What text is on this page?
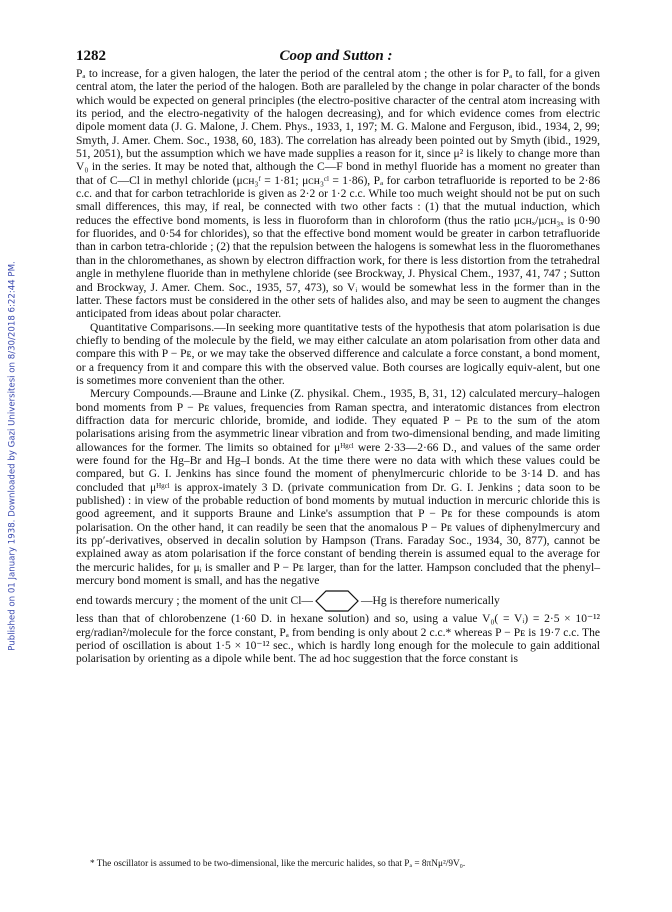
Published on 01 January 1938. Downloaded by Gazi Universitesi on 8/30/2018 6:22:44 PM.
1282	Coop and Sutton :

Pₐ to increase, for a given halogen, the later the period of the central atom ; the other is for Pₐ to fall, for a given central atom, the later the period of the halogen. Both are paralleled by the change in polar character of the bonds which would be expected on general principles (the electro-positive character of the central atom increasing with its period, and the electro-negativity of the halogen decreasing), and for which evidence comes from electric dipole moment data (J. G. Malone, J. Chem. Phys., 1933, 1, 197; M. G. Malone and Ferguson, ibid., 1934, 2, 99; Smyth, J. Amer. Chem. Soc., 1938, 60, 183). The correlation has already been pointed out by Smyth (ibid., 1929, 51, 2051), but the assumption which we have made supplies a reason for it, since μ² is likely to change more than V₀ in the series. It may be noted that, although the C—F bond in methyl fluoride has a moment no greater than that of C—Cl in methyl chloride (μᴄʜ₃ᶠ = 1·81; μᴄʜ₃ᶜˡ = 1·86), Pₐ for carbon tetrafluoride is reported to be 2·86 c.c. and that for carbon tetrachloride is given as 2·2 or 1·2 c.c. While too much weight should not be put on such small differences, this may, if real, be connected with two other facts : (1) that the mutual induction, which reduces the effective bond moments, is less in fluoroform than in chloroform (thus the ratio μᴄʜₓ/μᴄʜ₃ₓ is 0·90 for fluorides, and 0·54 for chlorides), so that the effective bond moment would be greater in carbon tetrafluoride than in carbon tetra-chloride ; (2) that the repulsion between the halogens is somewhat less in the fluoromethanes than in the chloromethanes, as shown by electron diffraction work, for there is less distortion from the tetrahedral angle in methylene fluoride than in methylene chloride (see Brockway, J. Physical Chem., 1937, 41, 747 ; Sutton and Brockway, J. Amer. Chem. Soc., 1935, 57, 473), so Vᵢ would be somewhat less in the former than in the latter. These factors must be considered in the other sets of halides also, and may be seen to augment the changes anticipated from ideas about polar character.

Quantitative Comparisons.—In seeking more quantitative tests of the hypothesis that atom polarisation is due chiefly to bending of the molecule by the field, we may either calculate an atom polarisation from other data and compare this with P − Pᴇ, or we may take the observed difference and calculate a force constant, a bond moment, or a frequency from it and compare this with the observed value. Both courses are logically equiv-alent, but one is sometimes more convenient than the other.

Mercury Compounds.—Braune and Linke (Z. physikal. Chem., 1935, B, 31, 12) calculated mercury–halogen bond moments from P − Pᴇ values, frequencies from Raman spectra, and interatomic distances from electron diffraction data for mercuric chloride, bromide, and iodide. They equated P − Pᴇ to the sum of the atom polarisations arising from the asymmetric linear vibration and from two-dimensional bending, and made limiting allowances for the former. The limits so obtained for μᴴᵍᶜˡ were 2·33—2·66 D., and values of the same order were found for the Hg–Br and Hg–I bonds. At the time there were no data with which these values could be compared, but G. I. Jenkins has since found the moment of phenylmercuric chloride to be 3·14 D. and has concluded that μᴴᵍᶜˡ is approx-imately 3 D. (private communication from Dr. G. I. Jenkins ; data soon to be published) : in view of the probable reduction of bond moments by mutual induction in mercuric chloride this is good agreement, and it supports Braune and Linke's assumption that P − Pᴇ for these compounds is atom polarisation. On the other hand, it can readily be seen that the anomalous P − Pᴇ values of diphenylmercury and its pp′-derivatives, observed in decalin solution by Hampson (Trans. Faraday Soc., 1934, 30, 877), cannot be explained away as atom polarisation if the force constant of bending therein is assumed equal to the average for the mercuric halides, for μᵢ is smaller and P − Pᴇ larger, than for the latter. Hampson concluded that the phenyl–mercury bond moment is small, and has the negative

end towards mercury ; the moment of the unit Cl—	—Hg is therefore numerically

less than that of chlorobenzene (1·60 D. in hexane solution) and so, using a value V₀( = Vᵢ) = 2·5 × 10⁻¹² erg/radian²/molecule for the force constant, Pₐ from bending is only about 2 c.c.* whereas P − Pᴇ is 19·7 c.c. The period of oscillation is about 1·5 × 10⁻¹² sec., which is hardly long enough for the molecule to gain additional polarisation by orienting as a dipole while bent. The ad hoc suggestion that the force constant is

* The oscillator is assumed to be two-dimensional, like the mercuric halides, so that Pₐ = 8πNμ²/9V₀.
